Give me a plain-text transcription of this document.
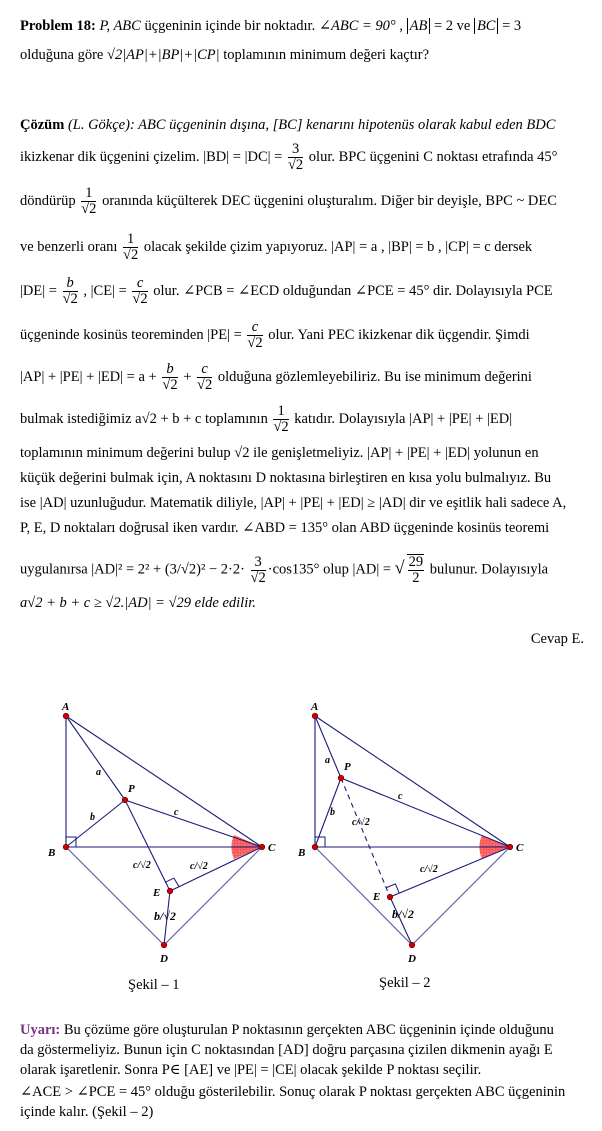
Problem 18: P, ABC üçgeninin içinde bir noktadır. ∠ABC = 90° , AB = 2 ve BC = 3
olduğuna göre √2|AP|+|BP|+|CP| toplamının minimum değeri kaçtır?
Çözüm (L. Gökçe): ABC üçgeninin dışına, [BC] kenarını hipotenüs olarak kabul eden BDC
ikizkenar dik üçgenini çizelim. $|BD| = |DC| = \frac{3}{√2}$ olur. BPC üçgenini C noktası etrafında 45°
döndürüp $\frac{1}{√2}$ oranında küçülterek DEC üçgenini oluşturalım. Diğer bir deyişle, BPC ~ DEC
ve benzerli oranı $\frac{1}{√2}$ olacak şekilde çizim yapıyoruz. |AP| = a , |BP| = b , |CP| = c dersek
$|DE| = \frac{b}{√2}$ , $|CE| = \frac{c}{√2}$ olur. ∠PCB = ∠ECD olduğundan ∠PCE = 45° dir. Dolayısıyla PCE
üçgeninde kosinüs teoreminden $|PE| = \frac{c}{√2}$ olur. Yani PEC ikizkenar dik üçgendir. Şimdi
$|AP| + |PE| + |ED| = a + \frac{b}{√2} + \frac{c}{√2}$ olduğuna gözlemleyebiliriz. Bu ise minimum değerini
bulmak istediğimiz a√2 + b + c toplamının $\frac{1}{√2}$ katıdır. Dolayısıyla |AP| + |PE| + |ED|
toplamının minimum değerini bulup √2 ile genişletmeliyiz. |AP| + |PE| + |ED| yolunun en
küçük değerini bulmak için, A noktasını D noktasına birleştiren en kısa yolu bulmalıyız. Bu
ise |AD| uzunluğudur. Matematik diliyle, |AP| + |PE| + |ED| ≥ |AD| dir ve eşitlik hali sadece A,
P, E, D noktaları doğrusal iken vardır. ∠ABD = 135° olan ABD üçgeninde kosinüs teoremi
uygulanırsa $|AD|^2 = 2^2 + (3/√2)^2 - 2\cdot 2\cdot \frac{3}{√2} \cdot\cos 135^\circ$ olup |AD| = √ $\frac{29}{2}$ bulunur. Dolayısıyla
a√2 + b + c ≥ √2.|AD| = √29 elde edilir.
Cevap E.
A
B	C
P
E
D
a
b	c
c/√2	c/√2
b/√2
A
B	C
P
E
D
a
b
c
c/√2
c/√2
b/√2
Şekil – 1	Şekil – 2
Uyarı: Bu çözüme göre oluşturulan P noktasının gerçekten ABC üçgeninin içinde olduğunu
da göstermeliyiz. Bunun için C noktasından [AD] doğru parçasına çizilen dikmenin ayağı E
olarak işaretlenir. Sonra P∈ [AE] ve |PE| = |CE| olacak şekilde P noktası seçilir.
∠ACE > ∠PCE = 45° olduğu gösterilebilir. Sonuç olarak P noktası gerçekten ABC üçgeninin
içinde kalır. (Şekil – 2)
